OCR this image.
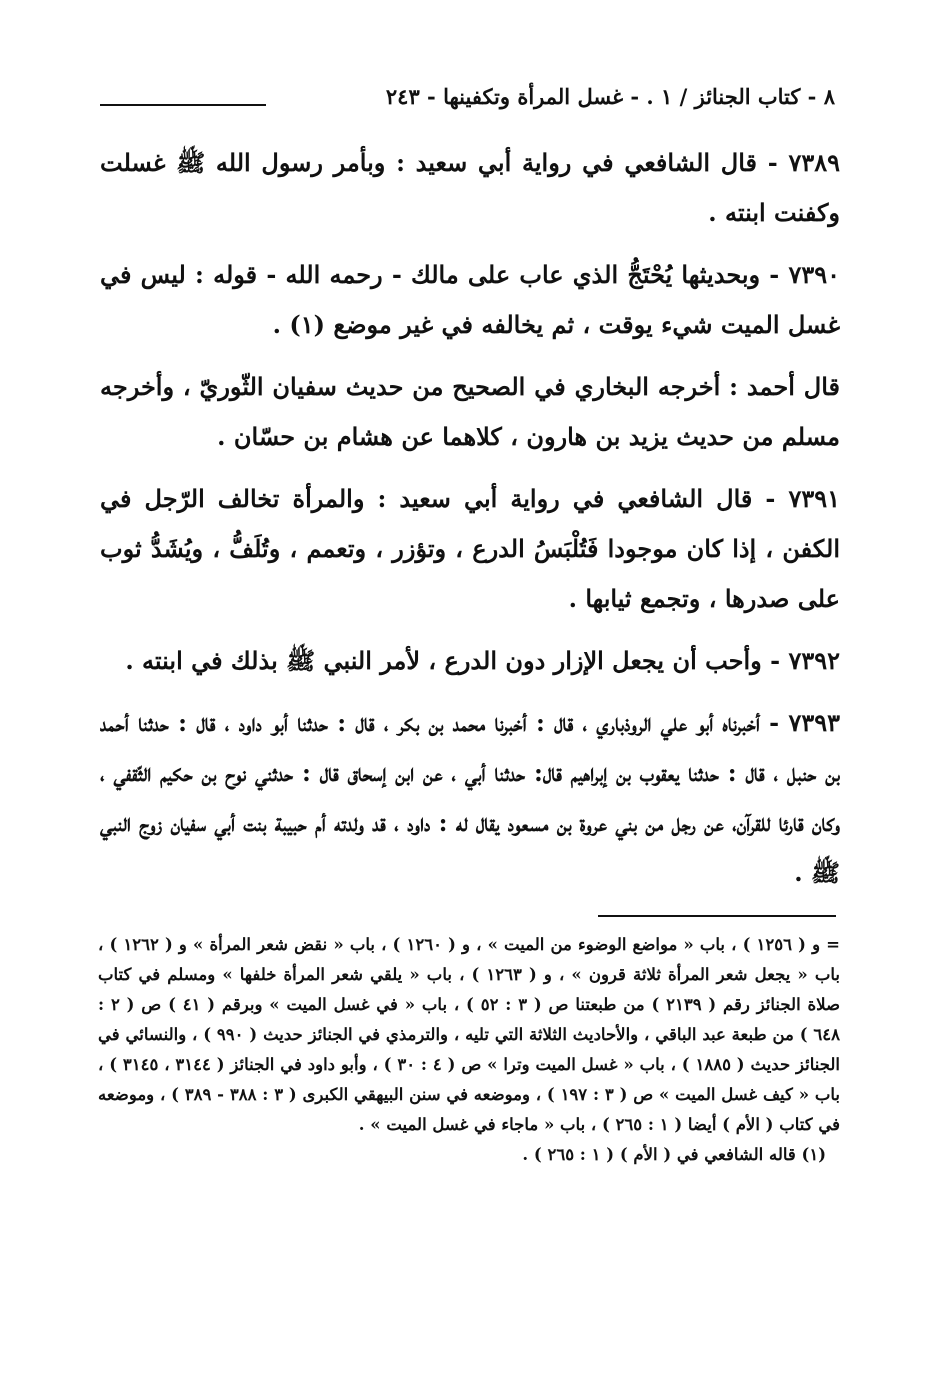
٨ - كتاب الجنائز / ١ . - غسل المرأة وتكفينها - ٢٤٣

٧٣٨٩ - قال الشافعي في رواية أبي سعيد : وبأمر رسول الله ﷺ غسلت وكفنت ابنته .

٧٣٩٠ - وبحديثها يُحْتَجُّ الذي عاب على مالك - رحمه الله - قوله : ليس في غسل الميت شيء يوقت ، ثم يخالفه في غير موضع (١) .

قال أحمد : أخرجه البخاري في الصحيح من حديث سفيان الثّوريّ ، وأخرجه مسلم من حديث يزيد بن هارون ، كلاهما عن هشام بن حسّان .

٧٣٩١ - قال الشافعي في رواية أبي سعيد : والمرأة تخالف الرّجل في الكفن ، إذا كان موجودا فَتُلْبَسُ الدرع ، وتؤزر ، وتعمم ، وتُلَفُّ ، ويُشَدُّ ثوب على صدرها ، وتجمع ثيابها .

٧٣٩٢ - وأحب أن يجعل الإزار دون الدرع ، لأمر النبي ﷺ بذلك في ابنته .

٧٣٩٣ - أخبرناه أبو علي الروذباري ، قال : أخبرنا محمد بن بكر ، قال : حدثنا أبو داود ، قال : حدثنا أحمد بن حنبل ، قال : حدثنا يعقوب بن إبراهيم قال: حدثنا أبي ، عن ابن إسحاق قال : حدثني نوح بن حكيم الثّقفي ، وكان قارئا للقرآن، عن رجل من بني عروة بن مسعود يقال له : داود ، قد ولدته أم حبيبة بنت أبي سفيان زوج النبي ﷺ .

= و ( ١٢٥٦ ) ، باب « مواضع الوضوء من الميت » ، و ( ١٢٦٠ ) ، باب « نقض شعر المرأة » و ( ١٢٦٢ ) ، باب « يجعل شعر المرأة ثلاثة قرون » ، و ( ١٢٦٣ ) ، باب « يلقي شعر المرأة خلفها » ومسلم في كتاب صلاة الجنائز رقم ( ٢١٣٩ ) من طبعتنا ص ( ٣ : ٥٢ ) ، باب « في غسل الميت » وبرقم ( ٤١ ) ص ( ٢ : ٦٤٨ ) من طبعة عبد الباقي ، والأحاديث الثلاثة التي تليه ، والترمذي في الجنائز حديث ( ٩٩٠ ) ، والنسائي في الجنائز حديث ( ١٨٨٥ ) ، باب « غسل الميت وترا » ص ( ٤ : ٣٠ ) ، وأبو داود في الجنائز ( ٣١٤٤ ، ٣١٤٥ ) ، باب « كيف غسل الميت » ص ( ٣ : ١٩٧ ) ، وموضعه في سنن البيهقي الكبرى ( ٣ : ٣٨٨ - ٣٨٩ ) ، وموضعه في كتاب ( الأم ) أيضا ( ١ : ٢٦٥ ) ، باب « ماجاء في غسل الميت » .

(١) قاله الشافعي في ( الأم ) ( ١ : ٢٦٥ ) .
